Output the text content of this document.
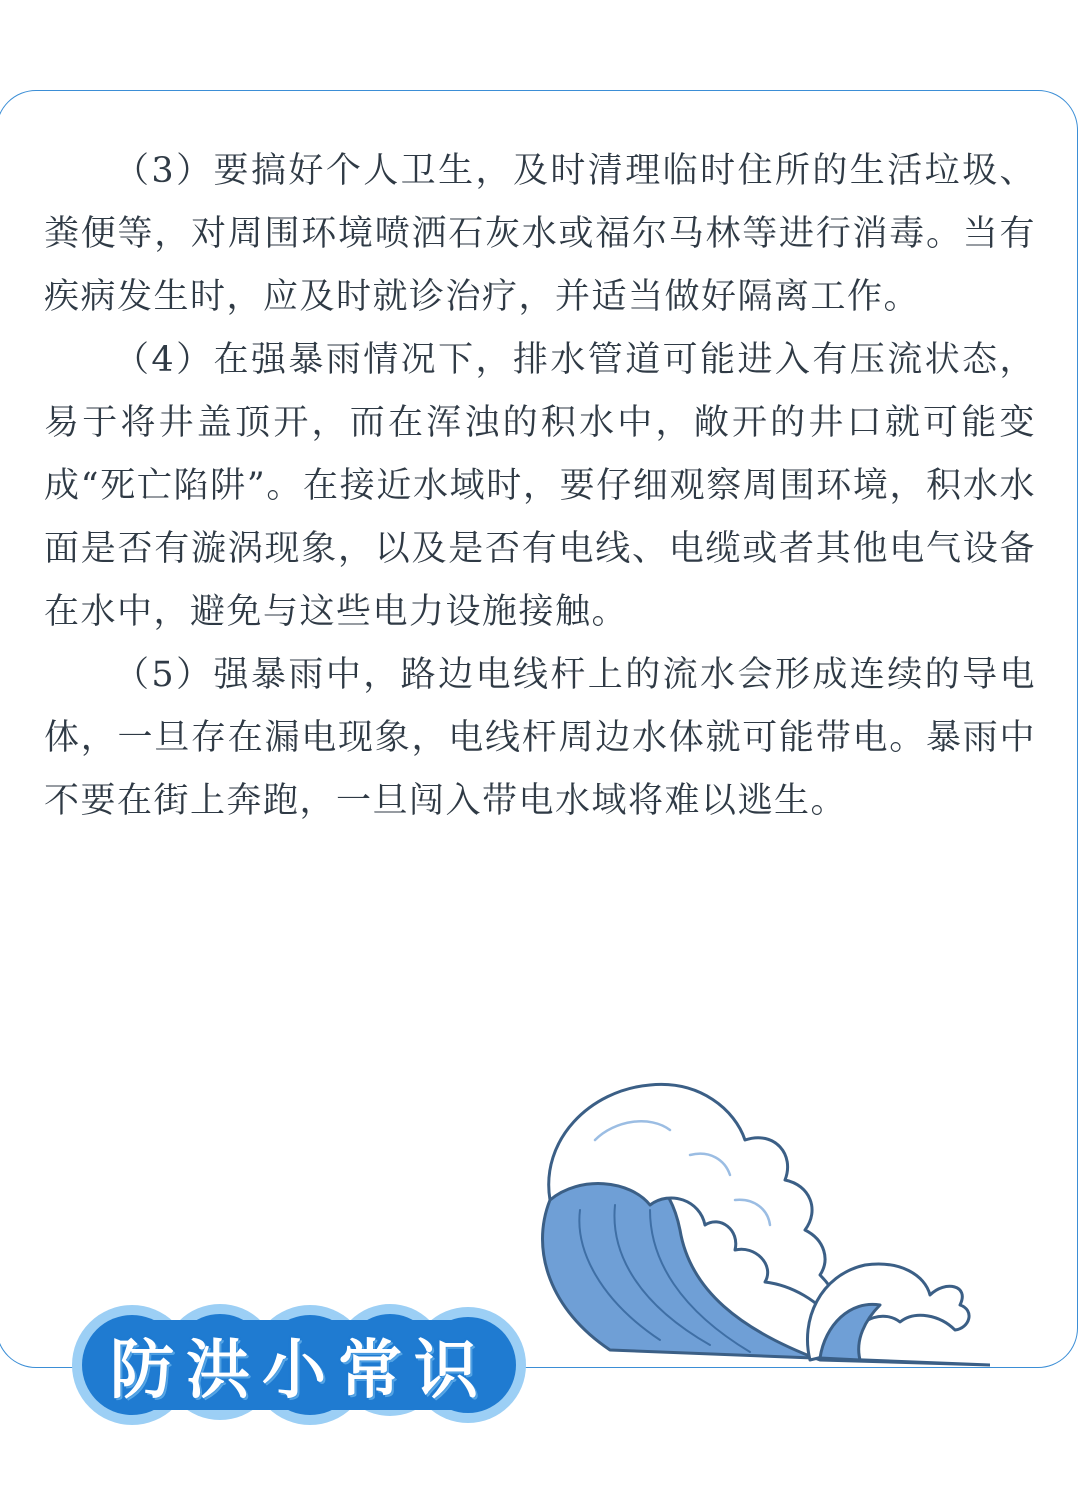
（3）要搞好个人卫生，及时清理临时住所的生活垃圾、粪便等，对周围环境喷洒石灰水或福尔马林等进行消毒。当有疾病发生时，应及时就诊治疗，并适当做好隔离工作。

（4）在强暴雨情况下，排水管道可能进入有压流状态，易于将井盖顶开，而在浑浊的积水中，敞开的井口就可能变成“死亡陷阱”。在接近水域时，要仔细观察周围环境，积水水面是否有漩涡现象，以及是否有电线、电缆或者其他电气设备在水中，避免与这些电力设施接触。

（5）强暴雨中，路边电线杆上的流水会形成连续的导电体，一旦存在漏电现象，电线杆周边水体就可能带电。暴雨中不要在街上奔跑，一旦闯入带电水域将难以逃生。

防洪小常识
